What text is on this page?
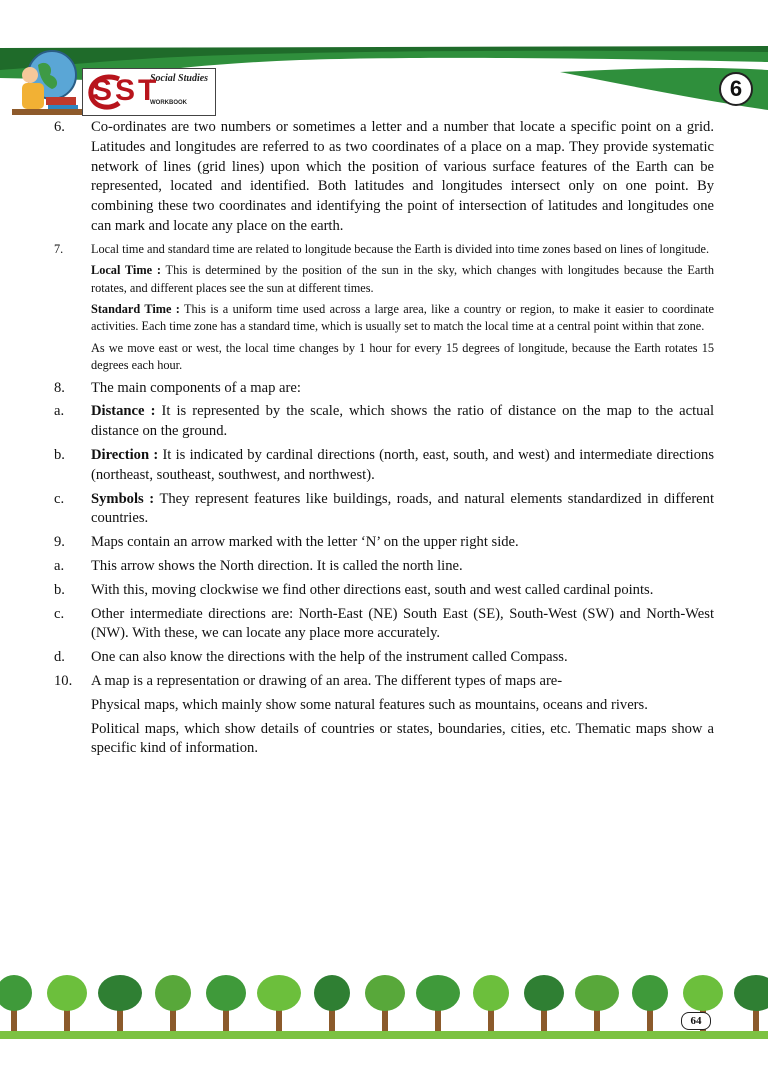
Social Studies
SST
WORKBOOK
6
6.	Co-ordinates are two numbers or sometimes a letter and a number that locate a specific point on a grid. Latitudes and longitudes are referred to as two coordinates of a place on a map. They provide systematic network of lines (grid lines) upon which the position of various surface features of the Earth can be represented, located and identified. Both latitudes and longitudes intersect only on one point. By combining these two coordinates and identifying the point of intersection of latitudes and longitudes one can mark and locate any place on the earth.
7.	Local time and standard time are related to longitude because the Earth is divided into time zones based on lines of longitude.
Local Time : This is determined by the position of the sun in the sky, which changes with longitudes because the Earth rotates, and different places see the sun at different times.
Standard Time : This is a uniform time used across a large area, like a country or region, to make it easier to coordinate activities. Each time zone has a standard time, which is usually set to match the local time at a central point within that zone.
As we move east or west, the local time changes by 1 hour for every 15 degrees of longitude, because the Earth rotates 15 degrees each hour.
8.	The main components of a map are:
a.	Distance : It is represented by the scale, which shows the ratio of distance on the map to the actual distance on the ground.
b.	Direction : It is indicated by cardinal directions (north, east, south, and west) and intermediate directions (northeast, southeast, southwest, and northwest).
c.	Symbols : They represent features like buildings, roads, and natural elements standardized in different countries.
9.	Maps contain an arrow marked with the letter ‘N’ on the upper right side.
a.	This arrow shows the North direction. It is called the north line.
b.	With this, moving clockwise we find other directions east, south and west called cardinal points.
c.	Other intermediate directions are: North-East (NE) South East (SE), South-West (SW) and North-West (NW). With these, we can locate any place more accurately.
d.	One can also know the directions with the help of the instrument called Compass.
10.	A map is a representation or drawing of an area. The different types of maps are-
Physical maps, which mainly show some natural features such as mountains, oceans and rivers.
Political maps, which show details of countries or states, boundaries, cities, etc. Thematic maps show a specific kind of information.
64
